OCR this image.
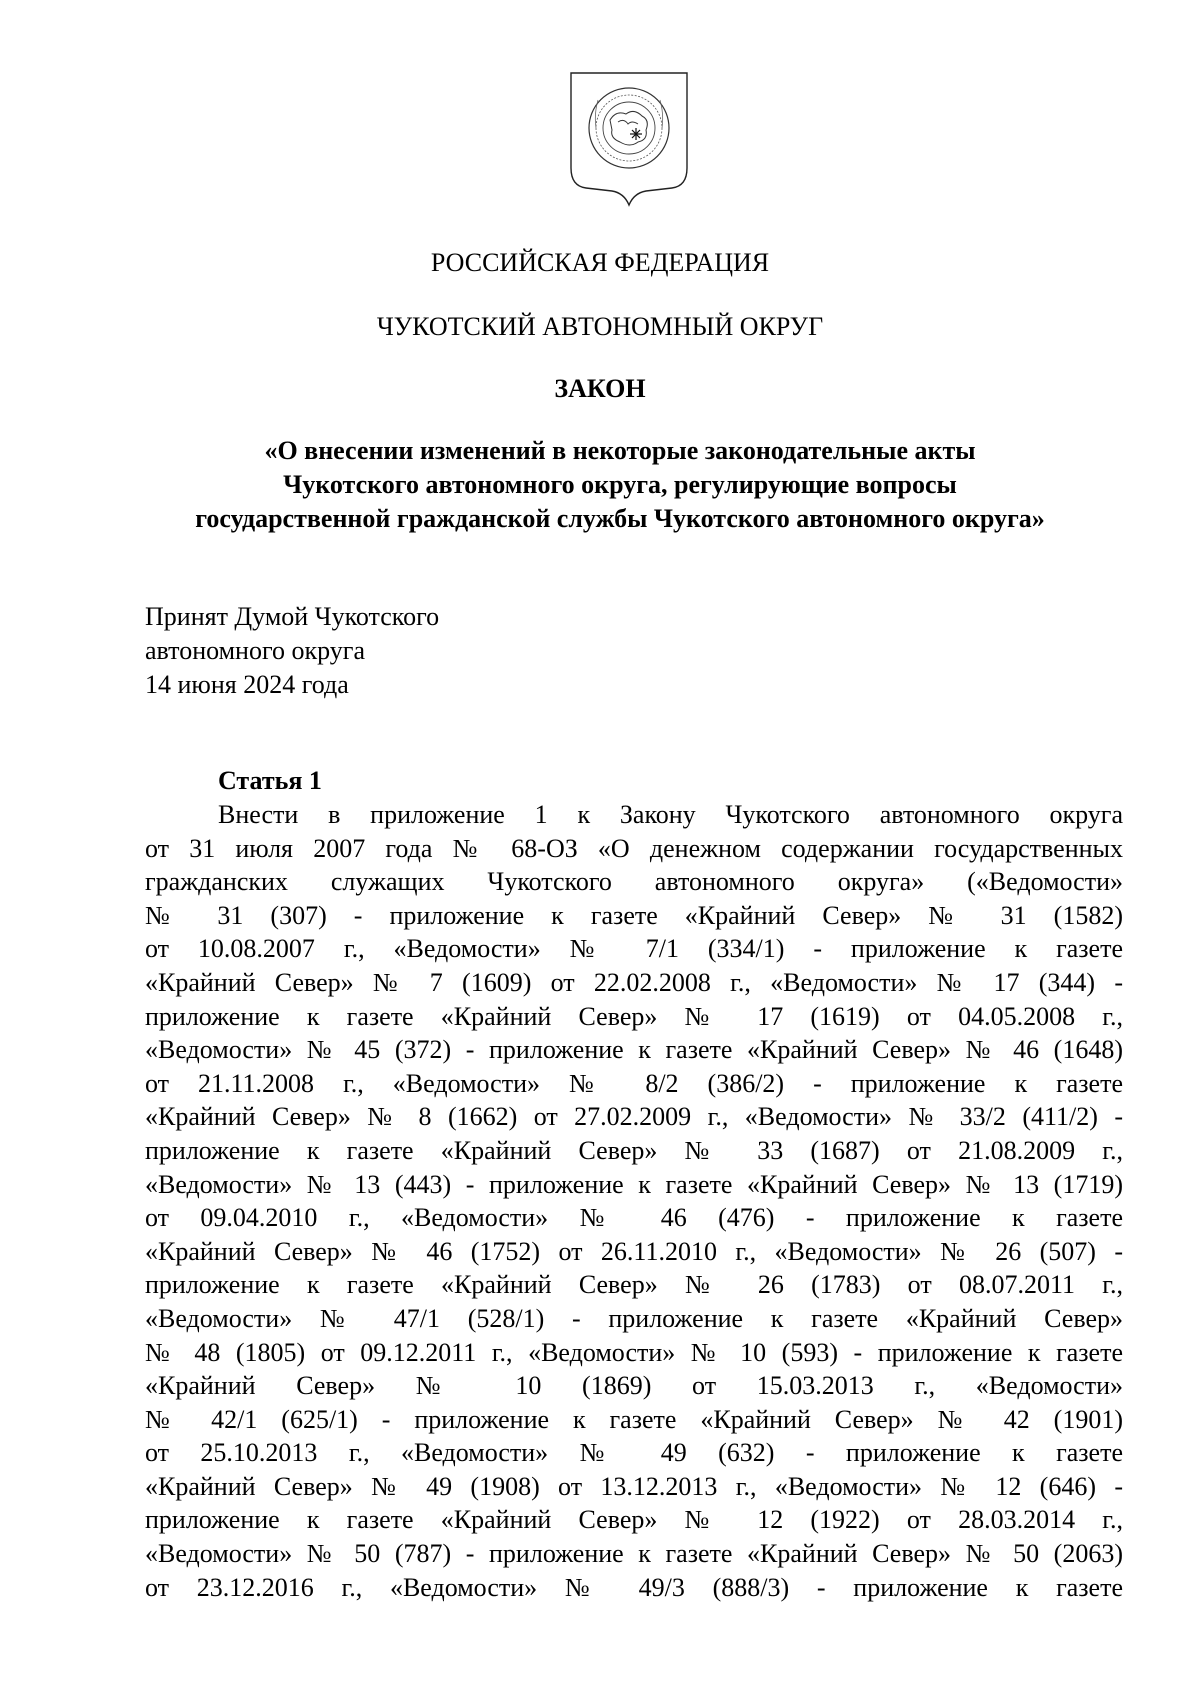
РОССИЙСКАЯ ФЕДЕРАЦИЯ
ЧУКОТСКИЙ АВТОНОМНЫЙ ОКРУГ
ЗАКОН
«О внесении изменений в некоторые законодательные акты
Чукотского автономного округа, регулирующие вопросы
государственной гражданской службы Чукотского автономного округа»
Принят Думой Чукотского
автономного округа
14 июня 2024 года
Статья 1
Внести в приложение 1 к Закону Чукотского автономного округа
от 31 июля 2007 года № 68-ОЗ «О денежном содержании государственных
гражданских служащих Чукотского автономного округа» («Ведомости»
№ 31 (307) - приложение к газете «Крайний Север» № 31 (1582)
от 10.08.2007 г., «Ведомости» № 7/1 (334/1) - приложение к газете
«Крайний Север» № 7 (1609) от 22.02.2008 г., «Ведомости» № 17 (344) -
приложение к газете «Крайний Север» № 17 (1619) от 04.05.2008 г.,
«Ведомости» № 45 (372) - приложение к газете «Крайний Север» № 46 (1648)
от 21.11.2008 г., «Ведомости» № 8/2 (386/2) - приложение к газете
«Крайний Север» № 8 (1662) от 27.02.2009 г., «Ведомости» № 33/2 (411/2) -
приложение к газете «Крайний Север» № 33 (1687) от 21.08.2009 г.,
«Ведомости» № 13 (443) - приложение к газете «Крайний Север» № 13 (1719)
от 09.04.2010 г., «Ведомости» № 46 (476) - приложение к газете
«Крайний Север» № 46 (1752) от 26.11.2010 г., «Ведомости» № 26 (507) -
приложение к газете «Крайний Север» № 26 (1783) от 08.07.2011 г.,
«Ведомости» № 47/1 (528/1) - приложение к газете «Крайний Север»
№ 48 (1805) от 09.12.2011 г., «Ведомости» № 10 (593) - приложение к газете
«Крайний Север» № 10 (1869) от 15.03.2013 г., «Ведомости»
№ 42/1 (625/1) - приложение к газете «Крайний Север» № 42 (1901)
от 25.10.2013 г., «Ведомости» № 49 (632) - приложение к газете
«Крайний Север» № 49 (1908) от 13.12.2013 г., «Ведомости» № 12 (646) -
приложение к газете «Крайний Север» № 12 (1922) от 28.03.2014 г.,
«Ведомости» № 50 (787) - приложение к газете «Крайний Север» № 50 (2063)
от 23.12.2016 г., «Ведомости» № 49/3 (888/3) - приложение к газете
